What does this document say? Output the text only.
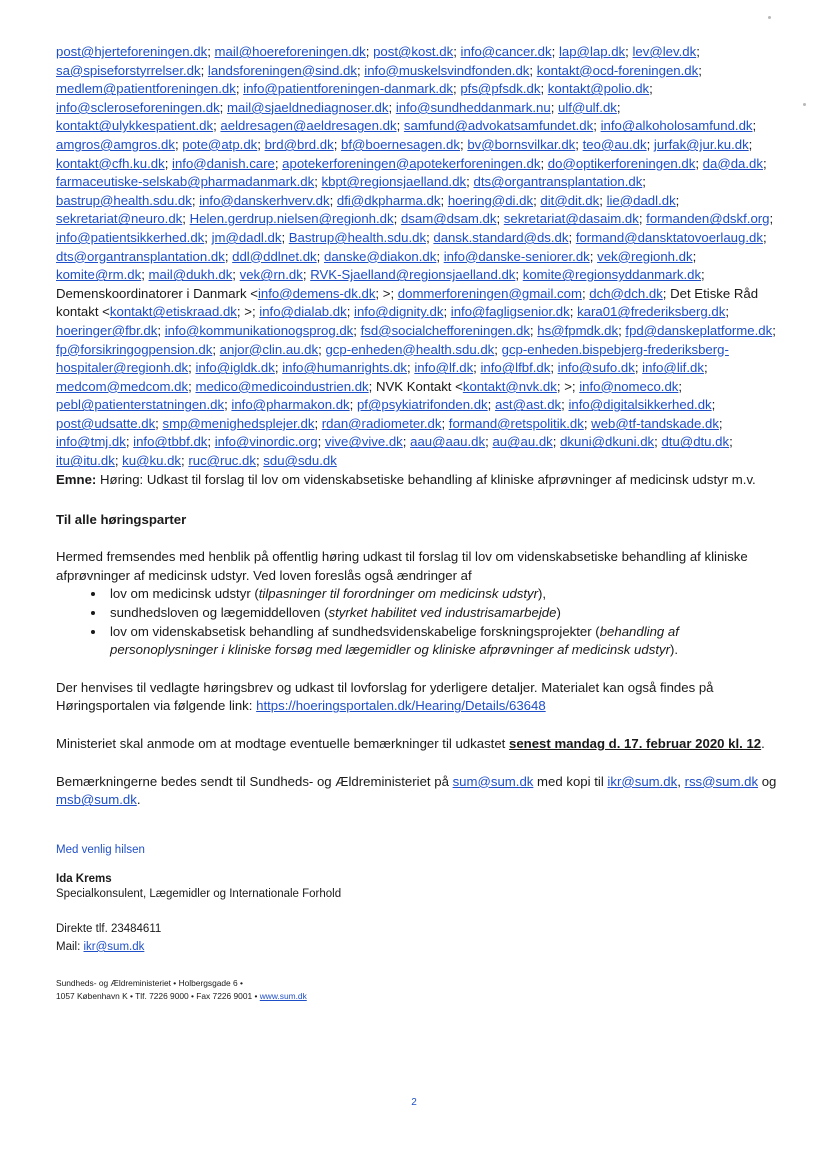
post@hjerteforeningen.dk; mail@hoereforeningen.dk; post@kost.dk; info@cancer.dk; lap@lap.dk; lev@lev.dk; sa@spiseforstyrrelser.dk; landsforeningen@sind.dk; info@muskelsvindfonden.dk; kontakt@ocd-foreningen.dk; medlem@patientforeningen.dk; info@patientforeningen-danmark.dk; pfs@pfsdk.dk; kontakt@polio.dk; info@scleroseforeningen.dk; mail@sjaeldnediagnoser.dk; info@sundheddanmark.nu; ulf@ulf.dk; kontakt@ulykkespatient.dk; aeldresagen@aeldresagen.dk; samfund@advokatsamfundet.dk; info@alkoholosamfund.dk; amgros@amgros.dk; pote@atp.dk; brd@brd.dk; bf@boernesagen.dk; bv@bornsvilkar.dk; teo@au.dk; jurfak@jur.ku.dk; kontakt@cfh.ku.dk; info@danish.care; apotekerforeningen@apotekerforeningen.dk; do@optikerforeningen.dk; da@da.dk; farmaceutiske-selskab@pharmadanmark.dk; kbpt@regionsjaelland.dk; dts@organtransplantation.dk; bastrup@health.sdu.dk; info@danskerhverv.dk; dfi@dkpharma.dk; hoering@di.dk; dit@dit.dk; lie@dadl.dk; sekretariat@neuro.dk; Helen.gerdrup.nielsen@regionh.dk; dsam@dsam.dk; sekretariat@dasaim.dk; formanden@dskf.org; info@patientsikkerhed.dk; jm@dadl.dk; Bastrup@health.sdu.dk; dansk.standard@ds.dk; formand@dansktatovoerlaug.dk; dts@organtransplantation.dk; ddl@ddlnet.dk; danske@diakon.dk; info@danske-seniorer.dk; vek@regionh.dk; komite@rm.dk; mail@dukh.dk; vek@rn.dk; RVK-Sjaelland@regionsjaelland.dk; komite@regionsyddanmark.dk; Demenskoordinatorer i Danmark <info@demens-dk.dk; >; dommerforeningen@gmail.com; dch@dch.dk; Det Etiske Råd kontakt <kontakt@etiskraad.dk; >; info@dialab.dk; info@dignity.dk; info@fagligsenior.dk; kara01@frederiksberg.dk; hoeringer@fbr.dk; info@kommunikationogsprog.dk; fsd@socialchefforeningen.dk; hs@fpmdk.dk; fpd@danskeplatforme.dk; fp@forsikringogpension.dk; anjor@clin.au.dk; gcp-enheden@health.sdu.dk; gcp-enheden.bispebjerg-frederiksberg-hospitaler@regionh.dk; info@igldk.dk; info@humanrights.dk; info@lf.dk; info@lfbf.dk; info@sufo.dk; info@lif.dk; medcom@medcom.dk; medico@medicoindustrien.dk; NVK Kontakt <kontakt@nvk.dk; >; info@nomeco.dk; pebl@patienterstatningen.dk; info@pharmakon.dk; pf@psykiatrifonden.dk; ast@ast.dk; info@digitalsikkerhed.dk; post@udsatte.dk; smp@menighedsplejer.dk; rdan@radiometer.dk; formand@retspolitik.dk; web@tf-tandskade.dk; info@tmj.dk; info@tbbf.dk; info@vinordic.org; vive@vive.dk; aau@aau.dk; au@au.dk; dkuni@dkuni.dk; dtu@dtu.dk; itu@itu.dk; ku@ku.dk; ruc@ruc.dk; sdu@sdu.dk

Emne: Høring: Udkast til forslag til lov om videnskabsetiske behandling af kliniske afprøvninger af medicinsk udstyr m.v.

Til alle høringsparter

Hermed fremsendes med henblik på offentlig høring udkast til forslag til lov om videnskabsetiske behandling af kliniske afprøvninger af medicinsk udstyr. Ved loven foreslås også ændringer af

• lov om medicinsk udstyr (tilpasninger til forordninger om medicinsk udstyr),
• sundhedsloven og lægemiddelloven (styrket habilitet ved industrisamarbejde)
• lov om videnskabsetisk behandling af sundhedsvidenskabelige forskningsprojekter (behandling af personoplysninger i kliniske forsøg med lægemidler og kliniske afprøvninger af medicinsk udstyr).

Der henvises til vedlagte høringsbrev og udkast til lovforslag for yderligere detaljer. Materialet kan også findes på Høringsportalen via følgende link: https://hoeringsportalen.dk/Hearing/Details/63648

Ministeriet skal anmode om at modtage eventuelle bemærkninger til udkastet senest mandag d. 17. februar 2020 kl. 12.

Bemærkningerne bedes sendt til Sundheds- og Ældreministeriet på sum@sum.dk med kopi til ikr@sum.dk, rss@sum.dk og msb@sum.dk.

Med venlig hilsen

Ida Krems

Specialkonsulent, Lægemidler og Internationale Forhold

Direkte tlf. 23484611

Mail: ikr@sum.dk

Sundheds- og Ældreministeriet • Holbergsgade 6 •
1057 København K • Tlf. 7226 9000 • Fax 7226 9001 • www.sum.dk

2
